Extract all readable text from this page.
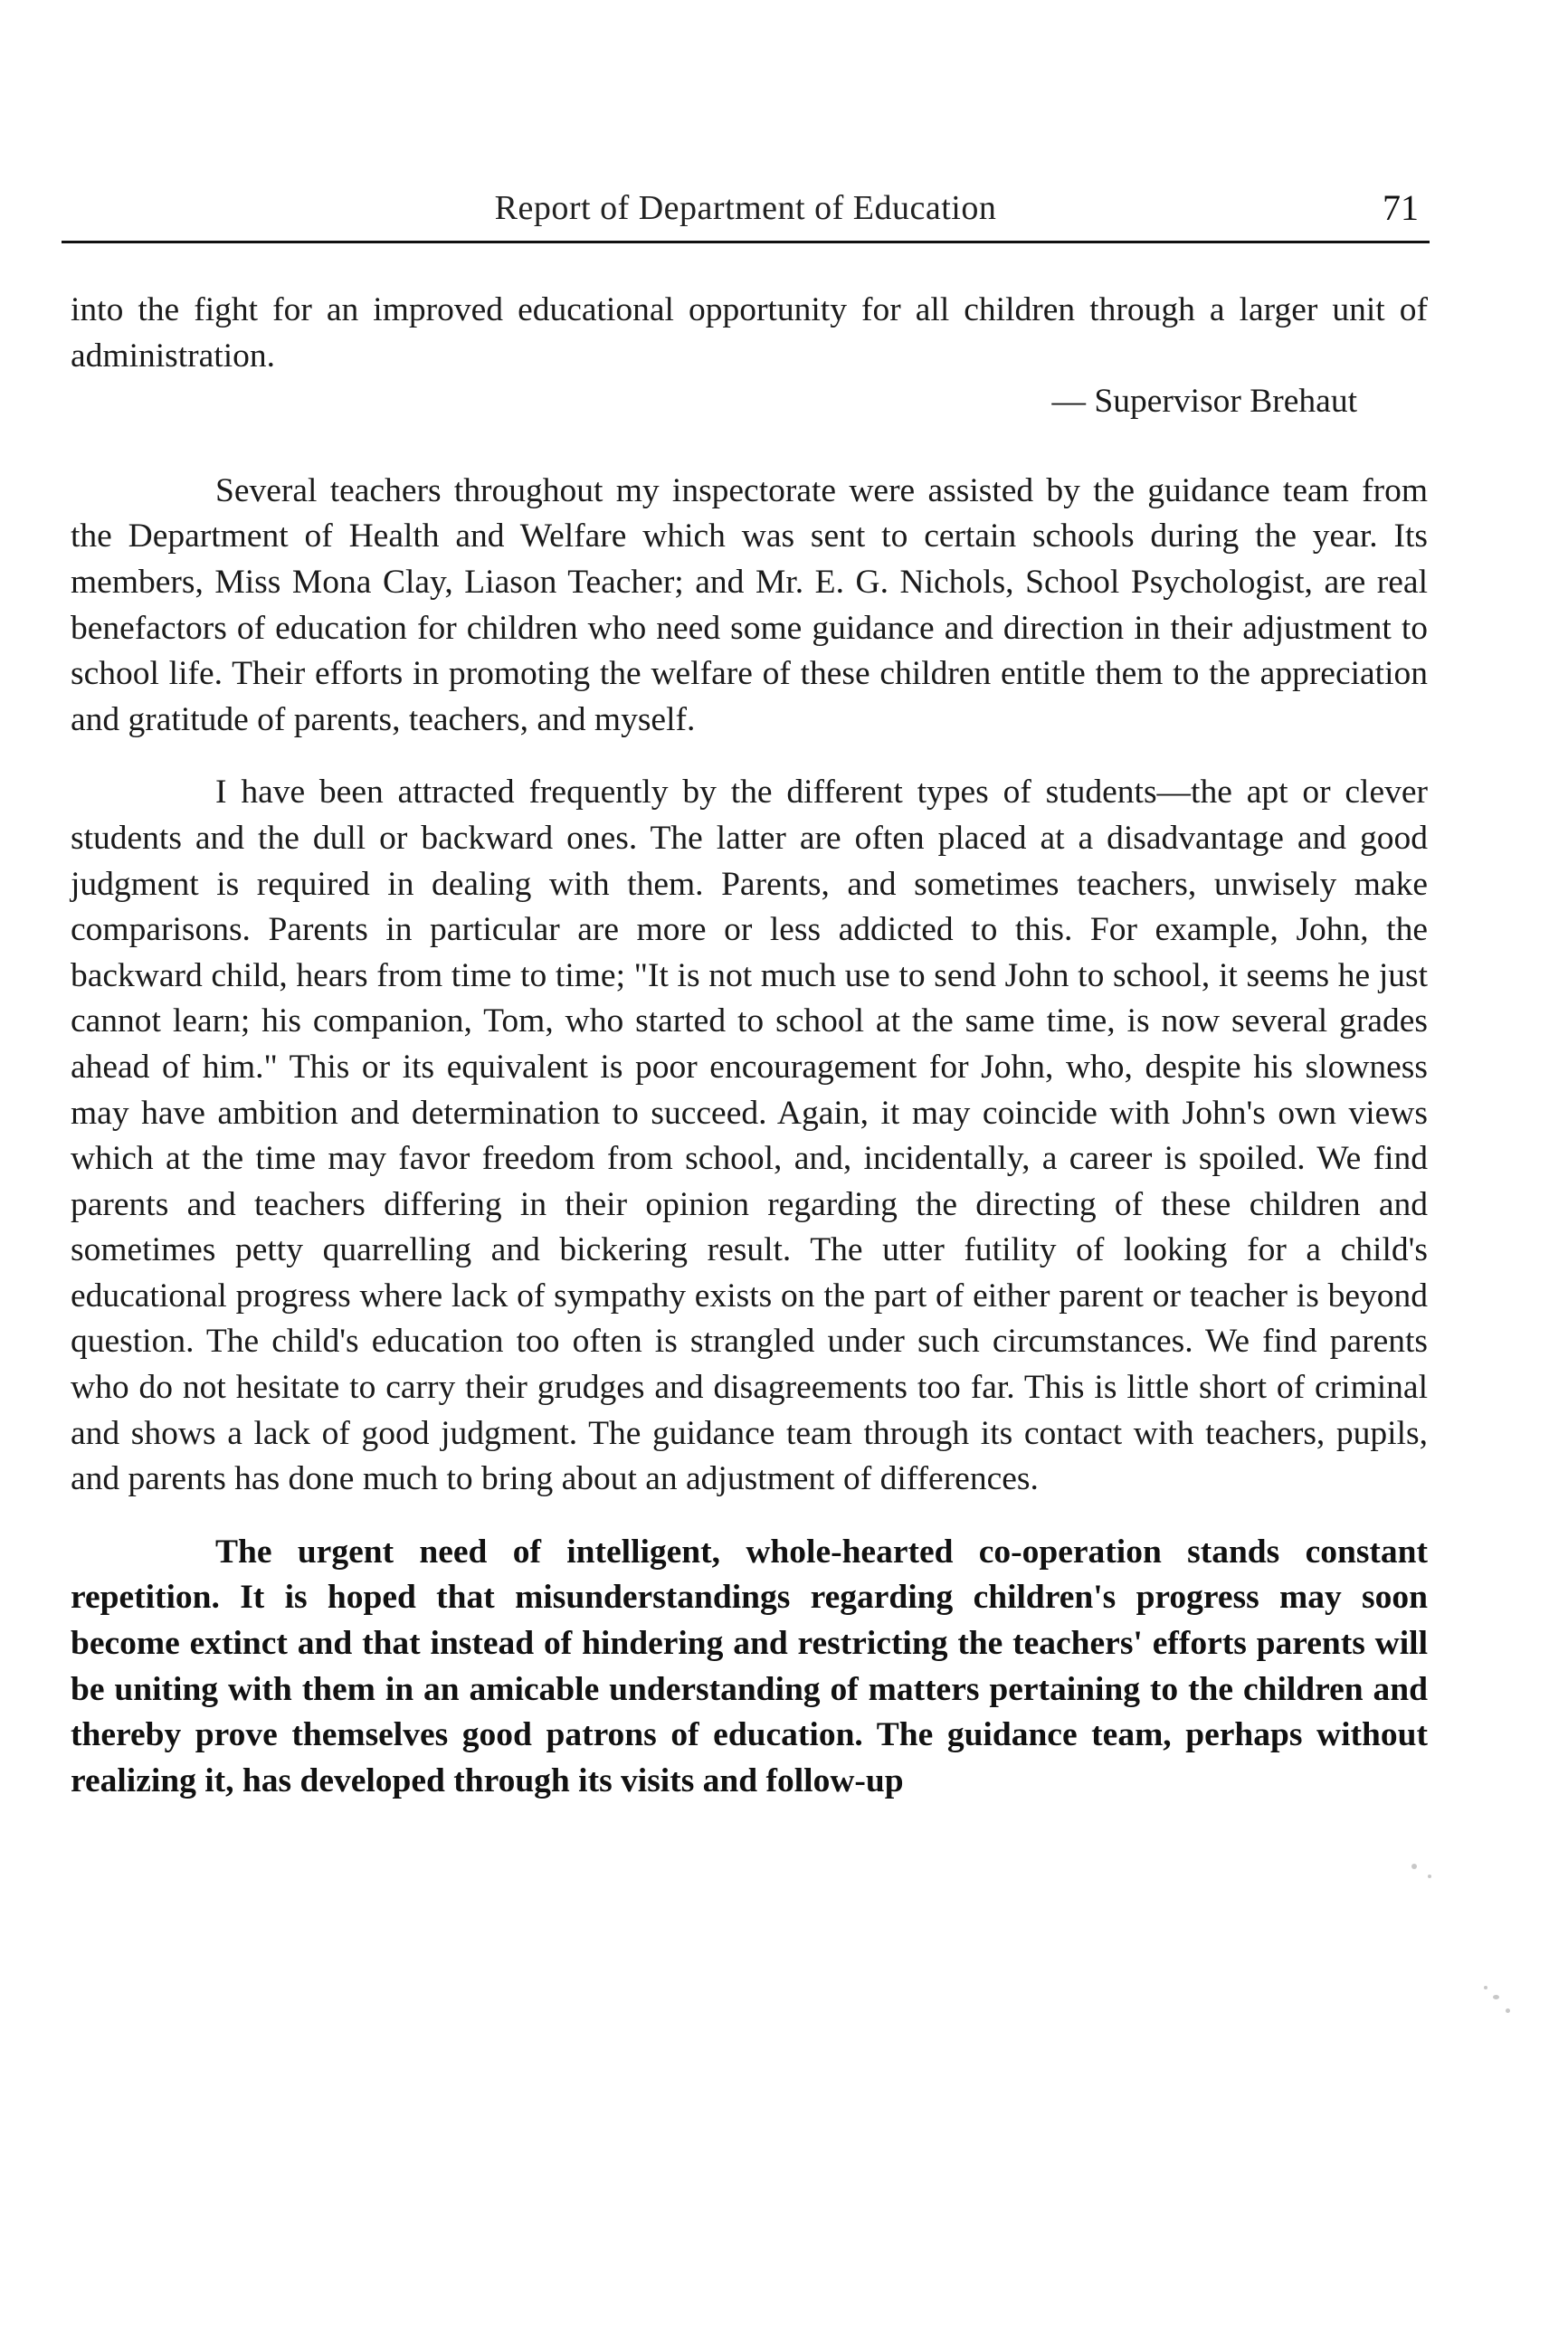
Report of Department of Education	71

into the fight for an improved educational opportunity for all children through a larger unit of administration.

— Supervisor Brehaut

Several teachers throughout my inspectorate were assisted by the guidance team from the Department of Health and Welfare which was sent to certain schools during the year. Its members, Miss Mona Clay, Liason Teacher; and Mr. E. G. Nichols, School Psychologist, are real benefactors of education for children who need some guidance and direction in their adjustment to school life. Their efforts in promoting the welfare of these children entitle them to the appreciation and gratitude of parents, teachers, and myself.

I have been attracted frequently by the different types of students—the apt or clever students and the dull or backward ones. The latter are often placed at a disadvantage and good judgment is required in dealing with them. Parents, and sometimes teachers, unwisely make comparisons. Parents in particular are more or less addicted to this. For example, John, the backward child, hears from time to time; "It is not much use to send John to school, it seems he just cannot learn; his companion, Tom, who started to school at the same time, is now several grades ahead of him." This or its equivalent is poor encouragement for John, who, despite his slowness may have ambition and determination to succeed. Again, it may coincide with John's own views which at the time may favor freedom from school, and, incidentally, a career is spoiled. We find parents and teachers differing in their opinion regarding the directing of these children and sometimes petty quarrelling and bickering result. The utter futility of looking for a child's educational progress where lack of sympathy exists on the part of either parent or teacher is beyond question. The child's education too often is strangled under such circumstances. We find parents who do not hesitate to carry their grudges and disagreements too far. This is little short of criminal and shows a lack of good judgment. The guidance team through its contact with teachers, pupils, and parents has done much to bring about an adjustment of differences.

The urgent need of intelligent, whole-hearted co-operation stands constant repetition. It is hoped that misunderstandings regarding children's progress may soon become extinct and that instead of hindering and restricting the teachers' efforts parents will be uniting with them in an amicable understanding of matters pertaining to the children and thereby prove themselves good patrons of education. The guidance team, perhaps without realizing it, has developed through its visits and follow-up
